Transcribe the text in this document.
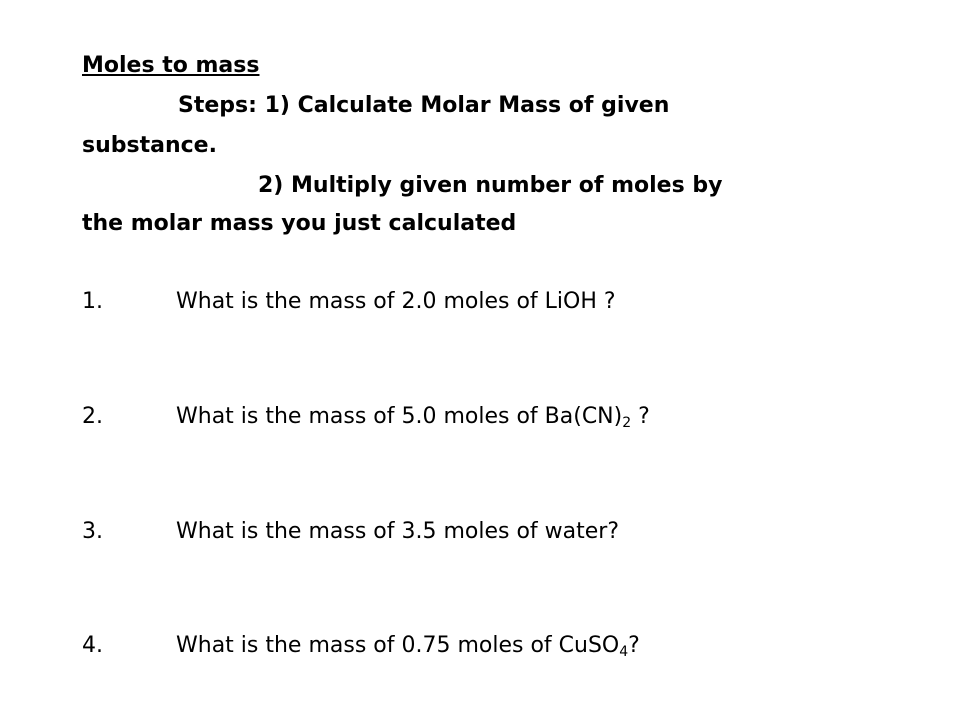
Moles to mass
Steps: 1) Calculate Molar Mass of given
substance.
2) Multiply given number of moles by
the molar mass you just calculated
1.	What is the mass of 2.0 moles of LiOH ?
2.	What is the mass of 5.0 moles of $Ba(CN)_2$ ?
3.	What is the mass of 3.5 moles of water?
4.	What is the mass of 0.75 moles of CuSO$_4$?
